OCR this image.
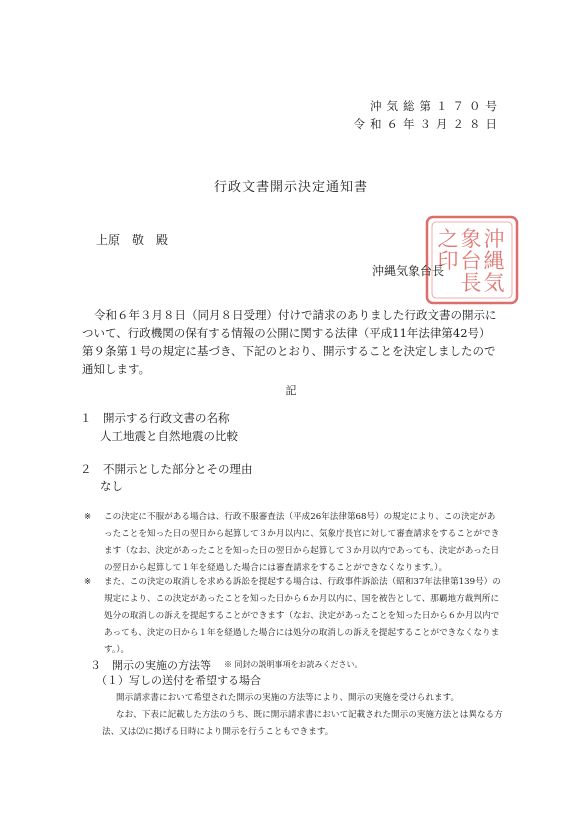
沖気総第１７０号
令和６年３月２８日
行政文書開示決定通知書
上原　敬　殿	沖
縄
気
象
台
長
之
印
沖縄気象台長
令和６年３月８日（同月８日受理）付けで請求のありました行政文書の開示について、行政機関の保有する情報の公開に関する法律（平成11年法律第42号）第９条第１号の規定に基づき、下記のとおり、開示することを決定しましたので通知します。
記
１　開示する行政文書の名称
人工地震と自然地震の比較
２　不開示とした部分とその理由
なし
※	この決定に不服がある場合は、行政不服審査法（平成26年法律第68号）の規定により、この決定があったことを知った日の翌日から起算して３か月以内に、気象庁長官に対して審査請求をすることができます（なお、決定があったことを知った日の翌日から起算して３か月以内であっても、決定があった日の翌日から起算して１年を経過した場合には審査請求をすることができなくなります。）。
※	また、この決定の取消しを求める訴訟を提起する場合は、行政事件訴訟法（昭和37年法律第139号）の規定により、この決定があったことを知った日から６か月以内に、国を被告として、那覇地方裁判所に処分の取消しの訴えを提起することができます（なお、決定があったことを知った日から６か月以内であっても、決定の日から１年を経過した場合には処分の取消しの訴えを提起することができなくなります。）。
３　開示の実施の方法等 ※ 同封の説明事項をお読みください。
（１）写しの送付を希望する場合
開示請求書において希望された開示の実施の方法等により、開示の実施を受けられます。
なお、下表に記載した方法のうち、既に開示請求書において記載された開示の実施方法とは異なる方法、又は⑵に掲げる日時により開示を行うこともできます。
